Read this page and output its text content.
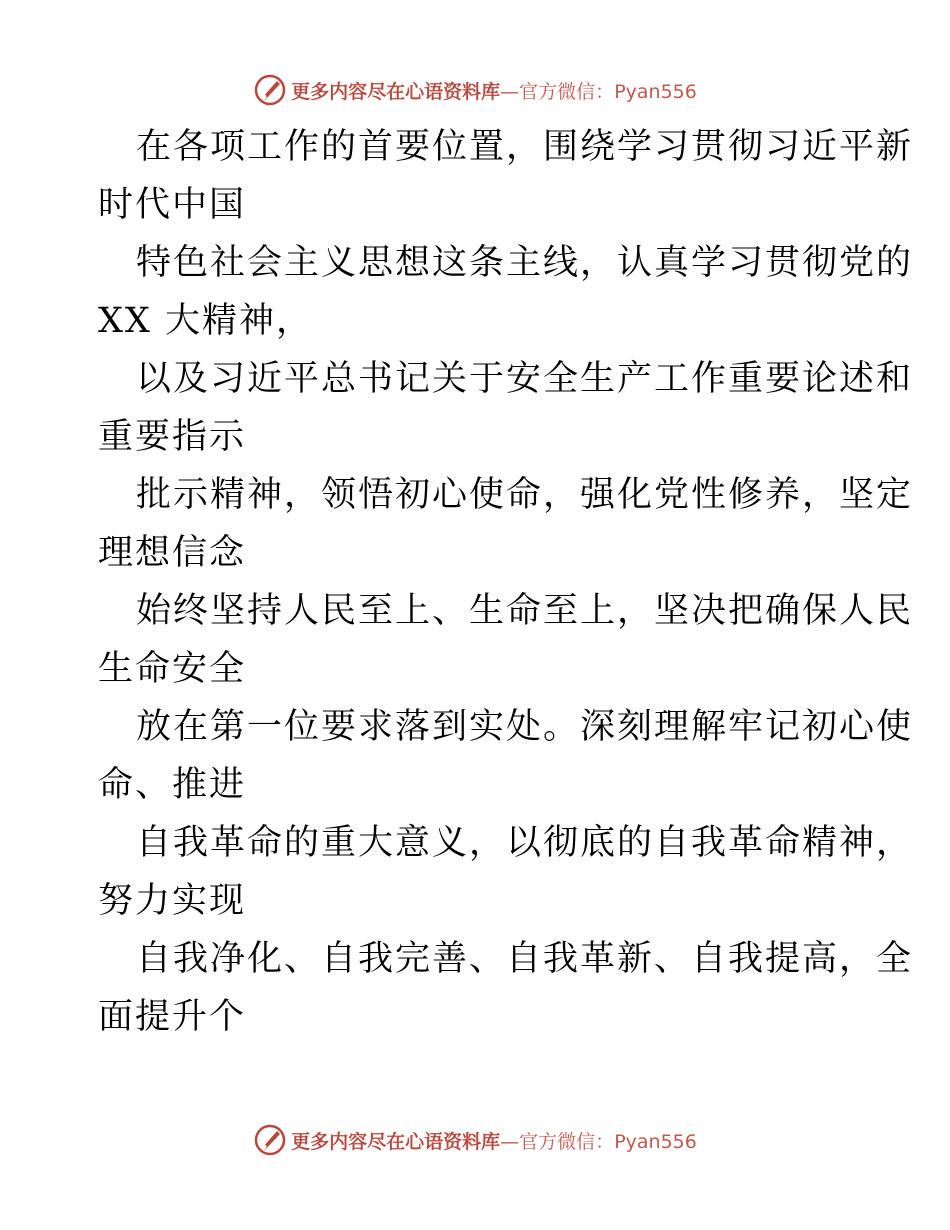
更多内容尽在心语资料库—官方微信：Pyan556

在各项工作的首要位置，围绕学习贯彻习近平新
时代中国

特色社会主义思想这条主线，认真学习贯彻党的
XX 大精神，

以及习近平总书记关于安全生产工作重要论述和
重要指示

批示精神，领悟初心使命，强化党性修养，坚定
理想信念

始终坚持人民至上、生命至上，坚决把确保人民
生命安全

放在第一位要求落到实处。深刻理解牢记初心使
命、推进

自我革命的重大意义，以彻底的自我革命精神，
努力实现

自我净化、自我完善、自我革新、自我提高，全
面提升个

更多内容尽在心语资料库—官方微信：Pyan556
